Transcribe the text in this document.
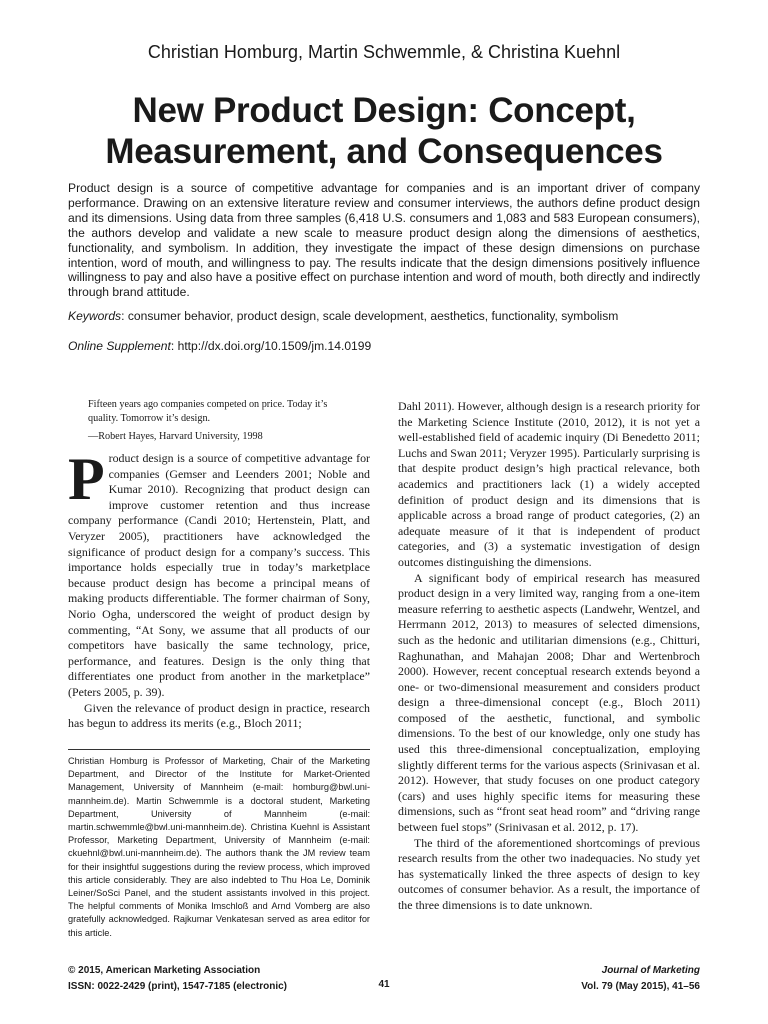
Christian Homburg, Martin Schwemmle, & Christina Kuehnl
New Product Design: Concept,
Measurement, and Consequences

Product design is a source of competitive advantage for companies and is an important driver of company performance. Drawing on an extensive literature review and consumer interviews, the authors define product design and its dimensions. Using data from three samples (6,418 U.S. consumers and 1,083 and 583 European consumers), the authors develop and validate a new scale to measure product design along the dimensions of aesthetics, functionality, and symbolism. In addition, they investigate the impact of these design dimensions on purchase intention, word of mouth, and willingness to pay. The results indicate that the design dimensions positively influence willingness to pay and also have a positive effect on purchase intention and word of mouth, both directly and indirectly through brand attitude.

Keywords: consumer behavior, product design, scale development, aesthetics, functionality, symbolism
Online Supplement: http://dx.doi.org/10.1509/jm.14.0199
Fifteen years ago companies competed on price. Today it’s quality. Tomorrow it’s design.
—Robert Hayes, Harvard University, 1998

Product design is a source of competitive advantage for companies (Gemser and Leenders 2001; Noble and Kumar 2010). Recognizing that product design can improve customer retention and thus increase company performance (Candi 2010; Hertenstein, Platt, and Veryzer 2005), practitioners have acknowledged the significance of product design for a company’s success. This importance holds especially true in today’s marketplace because product design has become a principal means of making products differentiable. The former chairman of Sony, Norio Ogha, underscored the weight of product design by commenting, “At Sony, we assume that all products of our competitors have basically the same technology, price, performance, and features. Design is the only thing that differentiates one product from another in the marketplace” (Peters 2005, p. 39).

Given the relevance of product design in practice, research has begun to address its merits (e.g., Bloch 2011;

Dahl 2011). However, although design is a research priority for the Marketing Science Institute (2010, 2012), it is not yet a well-established field of academic inquiry (Di Benedetto 2011; Luchs and Swan 2011; Veryzer 1995). Particularly surprising is that despite product design’s high practical relevance, both academics and practitioners lack (1) a widely accepted definition of product design and its dimensions that is applicable across a broad range of product categories, (2) an adequate measure of it that is independent of product categories, and (3) a systematic investigation of design outcomes distinguishing the dimensions.

A significant body of empirical research has measured product design in a very limited way, ranging from a one-item measure referring to aesthetic aspects (Landwehr, Wentzel, and Herrmann 2012, 2013) to measures of selected dimensions, such as the hedonic and utilitarian dimensions (e.g., Chitturi, Raghunathan, and Mahajan 2008; Dhar and Wertenbroch 2000). However, recent conceptual research extends beyond a one- or two-dimensional measurement and considers product design a three-dimensional concept (e.g., Bloch 2011) composed of the aesthetic, functional, and symbolic dimensions. To the best of our knowledge, only one study has used this three-dimensional conceptualization, employing slightly different terms for the various aspects (Srinivasan et al. 2012). However, that study focuses on one product category (cars) and uses highly specific items for measuring these dimensions, such as “front seat head room” and “driving range between fuel stops” (Srinivasan et al. 2012, p. 17).

The third of the aforementioned shortcomings of previous research results from the other two inadequacies. No study yet has systematically linked the three aspects of design to key outcomes of consumer behavior. As a result, the importance of the three dimensions is to date unknown.

Christian Homburg is Professor of Marketing, Chair of the Marketing Department, and Director of the Institute for Market-Oriented Management, University of Mannheim (e-mail: homburg@bwl.uni-mannheim.de). Martin Schwemmle is a doctoral student, Marketing Department, University of Mannheim (e-mail: martin.schwemmle@bwl.uni-mannheim.de). Christina Kuehnl is Assistant Professor, Marketing Department, University of Mannheim (e-mail: ckuehnl@bwl.uni-mannheim.de). The authors thank the JM review team for their insightful suggestions during the review process, which improved this article considerably. They are also indebted to Thu Hoa Le, Dominik Leiner/SoSci Panel, and the student assistants involved in this project. The helpful comments of Monika Imschloß and Arnd Vomberg are also gratefully acknowledged. Rajkumar Venkatesan served as area editor for this article.

© 2015, American Marketing Association
ISSN: 0022-2429 (print), 1547-7185 (electronic)	41
Journal of Marketing
Vol. 79 (May 2015), 41–56
